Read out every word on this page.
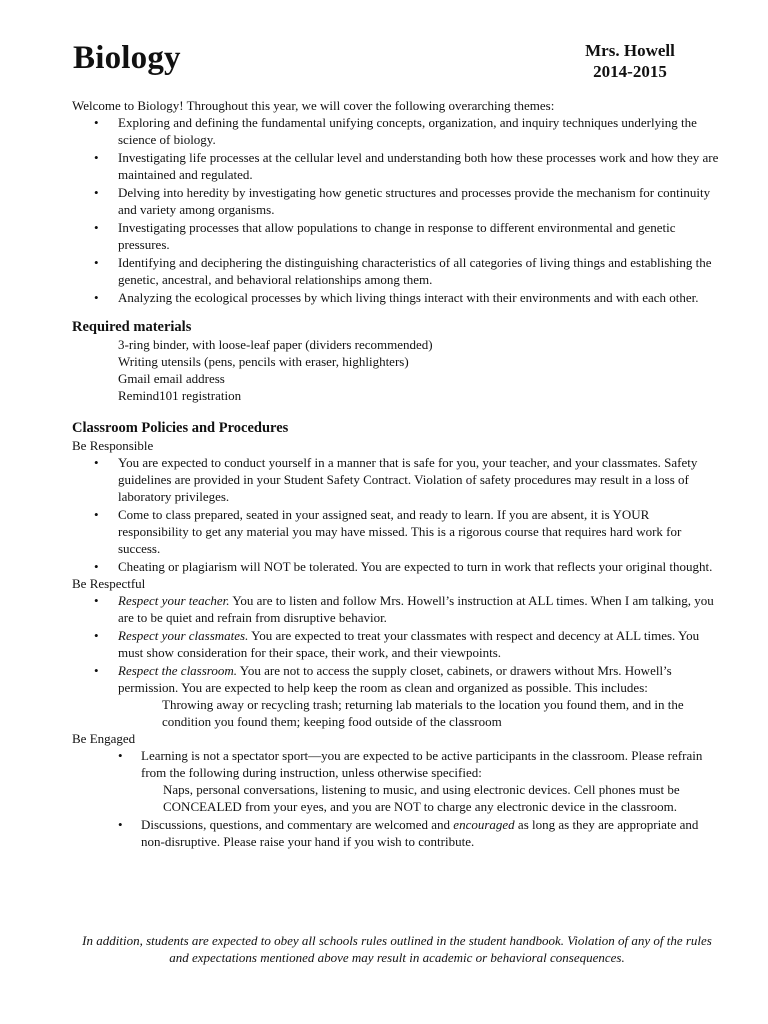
Biology	Mrs. Howell
2014-2015

Welcome to Biology! Throughout this year, we will cover the following overarching themes:

• Exploring and defining the fundamental unifying concepts, organization, and inquiry techniques underlying the science of biology.
• Investigating life processes at the cellular level and understanding both how these processes work and how they are maintained and regulated.
• Delving into heredity by investigating how genetic structures and processes provide the mechanism for continuity and variety among organisms.
• Investigating processes that allow populations to change in response to different environmental and genetic pressures.
• Identifying and deciphering the distinguishing characteristics of all categories of living things and establishing the genetic, ancestral, and behavioral relationships among them.
• Analyzing the ecological processes by which living things interact with their environments and with each other.
Required materials

3-ring binder, with loose-leaf paper (dividers recommended)

Writing utensils (pens, pencils with eraser, highlighters)

Gmail email address

Remind101 registration

Classroom Policies and Procedures

Be Responsible

• You are expected to conduct yourself in a manner that is safe for you, your teacher, and your classmates. Safety guidelines are provided in your Student Safety Contract. Violation of safety procedures may result in a loss of laboratory privileges.
• Come to class prepared, seated in your assigned seat, and ready to learn. If you are absent, it is YOUR responsibility to get any material you may have missed. This is a rigorous course that requires hard work for success.
• Cheating or plagiarism will NOT be tolerated. You are expected to turn in work that reflects your original thought.

Be Respectful

• Respect your teacher. You are to listen and follow Mrs. Howell’s instruction at ALL times. When I am talking, you are to be quiet and refrain from disruptive behavior.
• Respect your classmates. You are expected to treat your classmates with respect and decency at ALL times. You must show consideration for their space, their work, and their viewpoints.
• Respect the classroom. You are not to access the supply closet, cabinets, or drawers without Mrs. Howell’s permission. You are expected to help keep the room as clean and organized as possible. This includes:

Throwing away or recycling trash; returning lab materials to the location you found them, and in the condition you found them; keeping food outside of the classroom

Be Engaged

• Learning is not a spectator sport—you are expected to be active participants in the classroom. Please refrain from the following during instruction, unless otherwise specified:

Naps, personal conversations, listening to music, and using electronic devices. Cell phones must be CONCEALED from your eyes, and you are NOT to charge any electronic device in the classroom.

• Discussions, questions, and commentary are welcomed and encouraged as long as they are appropriate and non-disruptive. Please raise your hand if you wish to contribute.

In addition, students are expected to obey all schools rules outlined in the student handbook. Violation of any of the rules and expectations mentioned above may result in academic or behavioral consequences.
